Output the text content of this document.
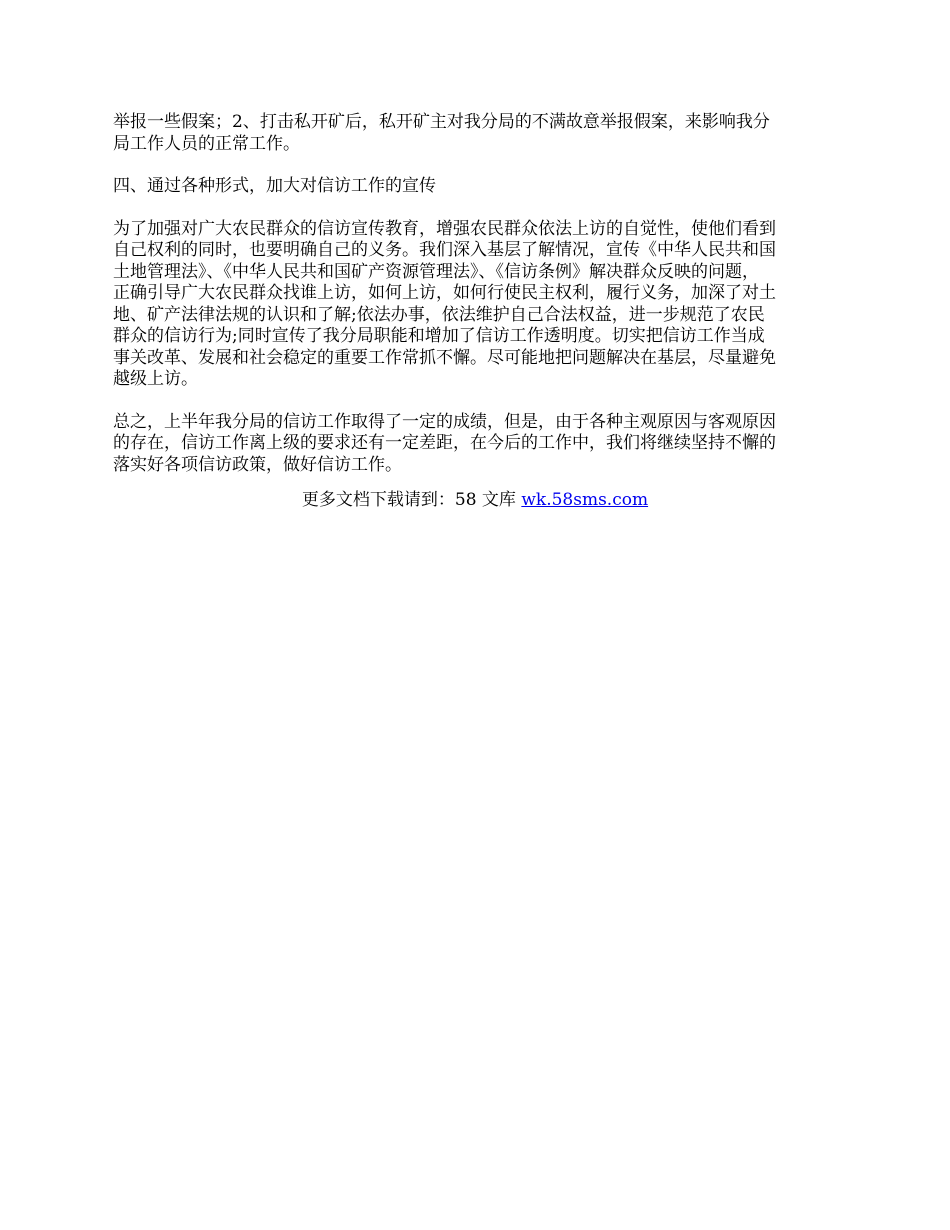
举报一些假案；2、打击私开矿后，私开矿主对我分局的不满故意举报假案，来影响我分
局工作人员的正常工作。
四、通过各种形式，加大对信访工作的宣传
为了加强对广大农民群众的信访宣传教育，增强农民群众依法上访的自觉性，使他们看到
自己权利的同时，也要明确自己的义务。我们深入基层了解情况，宣传《中华人民共和国
土地管理法》、《中华人民共和国矿产资源管理法》、《信访条例》解决群众反映的问题，
正确引导广大农民群众找谁上访，如何上访，如何行使民主权利，履行义务，加深了对土
地、矿产法律法规的认识和了解;依法办事，依法维护自己合法权益，进一步规范了农民
群众的信访行为;同时宣传了我分局职能和增加了信访工作透明度。切实把信访工作当成
事关改革、发展和社会稳定的重要工作常抓不懈。尽可能地把问题解决在基层，尽量避免
越级上访。
总之，上半年我分局的信访工作取得了一定的成绩，但是，由于各种主观原因与客观原因
的存在，信访工作离上级的要求还有一定差距，在今后的工作中，我们将继续坚持不懈的
落实好各项信访政策，做好信访工作。
更多文档下载请到：58 文库 wk.58sms.com
